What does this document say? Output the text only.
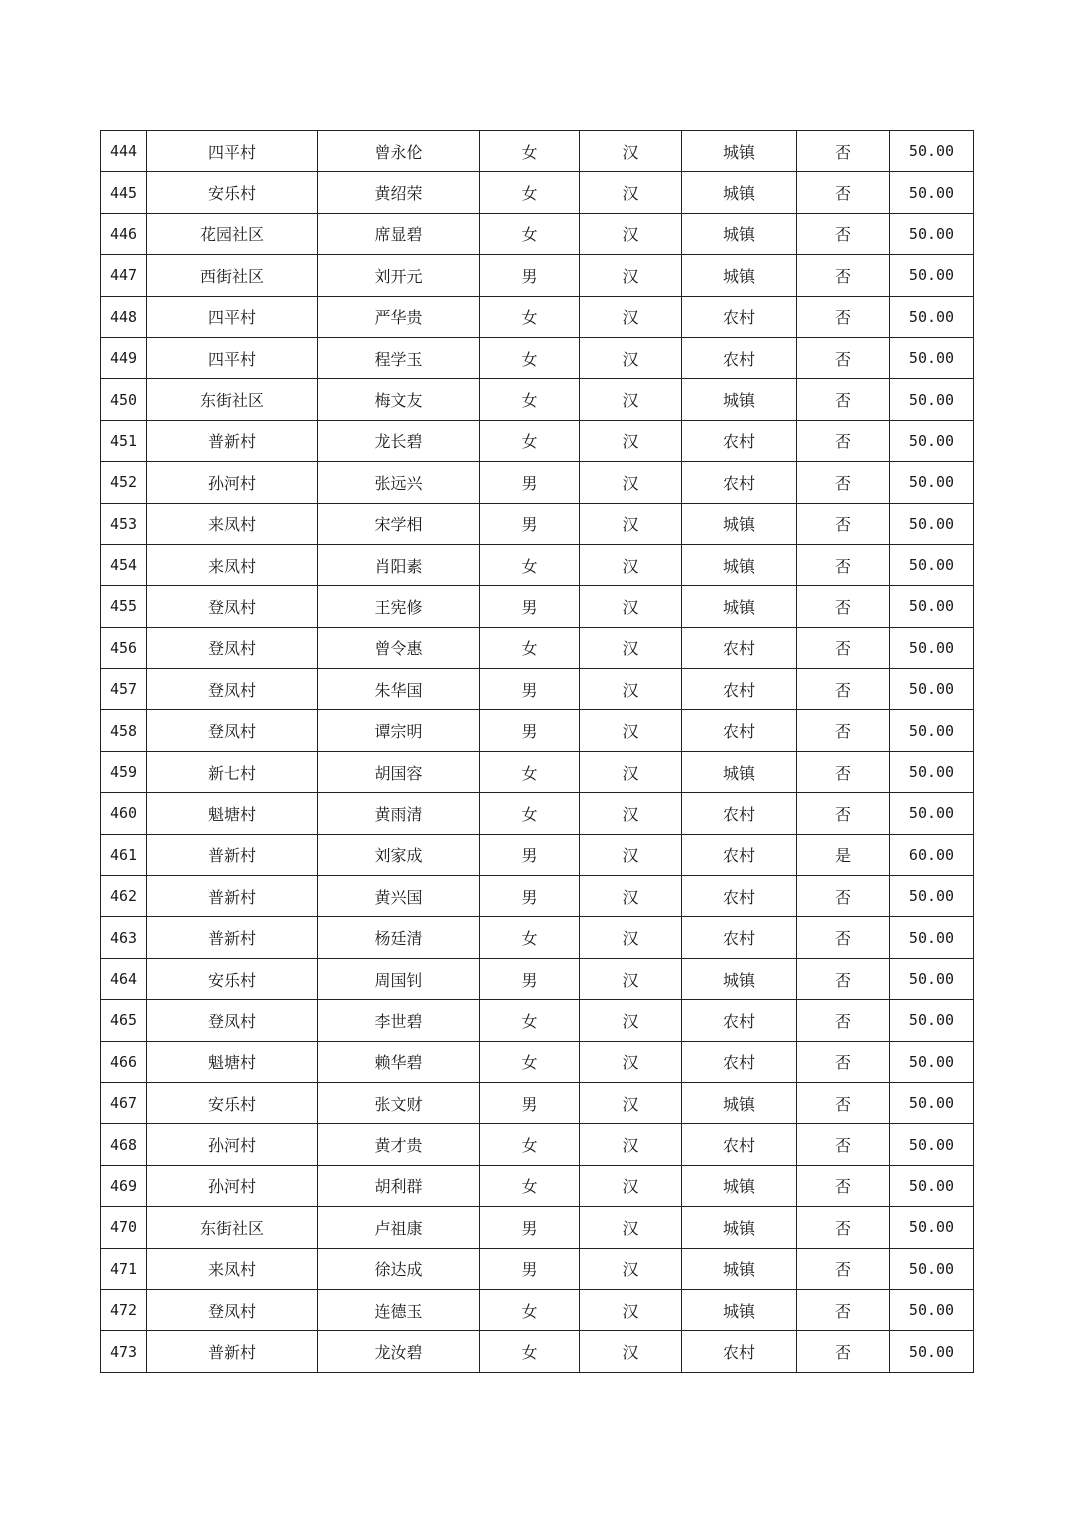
444	四平村	曾永伦	女	汉	城镇	否	50.00
445	安乐村	黄绍荣	女	汉	城镇	否	50.00
446	花园社区	席显碧	女	汉	城镇	否	50.00
447	西街社区	刘开元	男	汉	城镇	否	50.00
448	四平村	严华贵	女	汉	农村	否	50.00
449	四平村	程学玉	女	汉	农村	否	50.00
450	东街社区	梅文友	女	汉	城镇	否	50.00
451	普新村	龙长碧	女	汉	农村	否	50.00
452	孙河村	张远兴	男	汉	农村	否	50.00
453	来凤村	宋学相	男	汉	城镇	否	50.00
454	来凤村	肖阳素	女	汉	城镇	否	50.00
455	登凤村	王宪修	男	汉	城镇	否	50.00
456	登凤村	曾令惠	女	汉	农村	否	50.00
457	登凤村	朱华国	男	汉	农村	否	50.00
458	登凤村	谭宗明	男	汉	农村	否	50.00
459	新七村	胡国容	女	汉	城镇	否	50.00
460	魁塘村	黄雨清	女	汉	农村	否	50.00
461	普新村	刘家成	男	汉	农村	是	60.00
462	普新村	黄兴国	男	汉	农村	否	50.00
463	普新村	杨廷清	女	汉	农村	否	50.00
464	安乐村	周国钊	男	汉	城镇	否	50.00
465	登凤村	李世碧	女	汉	农村	否	50.00
466	魁塘村	赖华碧	女	汉	农村	否	50.00
467	安乐村	张文财	男	汉	城镇	否	50.00
468	孙河村	黄才贵	女	汉	农村	否	50.00
469	孙河村	胡利群	女	汉	城镇	否	50.00
470	东街社区	卢祖康	男	汉	城镇	否	50.00
471	来凤村	徐达成	男	汉	城镇	否	50.00
472	登凤村	连德玉	女	汉	城镇	否	50.00
473	普新村	龙汝碧	女	汉	农村	否	50.00
